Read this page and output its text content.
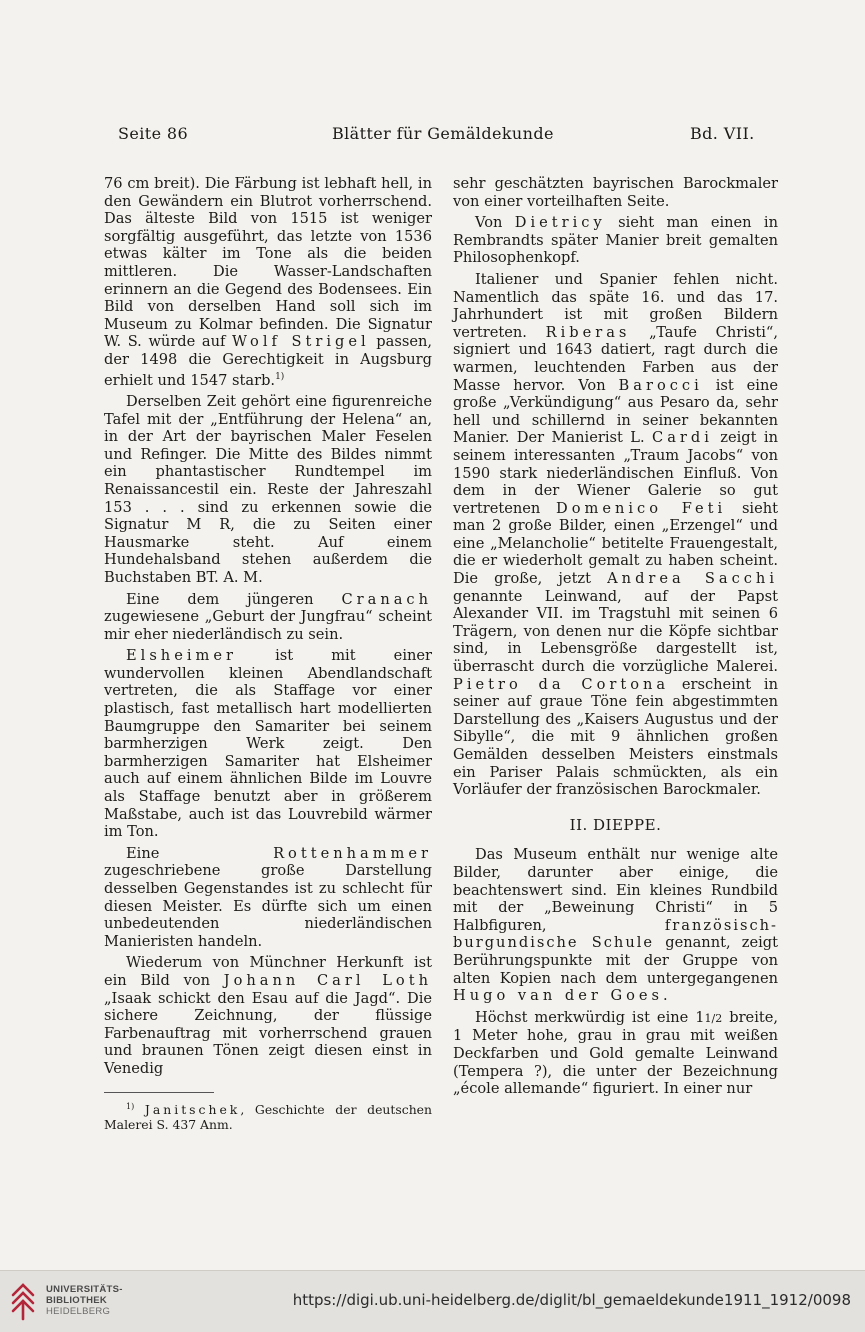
Seite 86	Blätter für Gemäldekunde	Bd. VII.

76 cm breit). Die Färbung ist lebhaft hell, in den Gewändern ein Blutrot vorherrschend. Das älteste Bild von 1515 ist weniger sorgfältig ausgeführt, das letzte von 1536 etwas kälter im Tone als die beiden mittleren. Die Wasser-Landschaften erinnern an die Gegend des Bodensees. Ein Bild von derselben Hand soll sich im Museum zu Kolmar befinden. Die Signatur W. S. würde auf Wolf Strigel passen, der 1498 die Gerechtigkeit in Augsburg erhielt und 1547 starb.$^{1)}$

Derselben Zeit gehört eine figurenreiche Tafel mit der „Entführung der Helena“ an, in der Art der bayrischen Maler Feselen und Refinger. Die Mitte des Bildes nimmt ein phantastischer Rundtempel im Renaissancestil ein. Reste der Jahreszahl 153 . . . sind zu erkennen sowie die Signatur M R, die zu Seiten einer Hausmarke steht. Auf einem Hundehalsband stehen außerdem die Buchstaben BT. A. M.

Eine dem jüngeren Cranach zugewiesene „Geburt der Jungfrau“ scheint mir eher niederländisch zu sein.

Elsheimer ist mit einer wundervollen kleinen Abendlandschaft vertreten, die als Staffage vor einer plastisch, fast metallisch hart modellierten Baumgruppe den Samariter bei seinem barmherzigen Werk zeigt. Den barmherzigen Samariter hat Elsheimer auch auf einem ähnlichen Bilde im Louvre als Staffage benutzt aber in größerem Maßstabe, auch ist das Louvrebild wärmer im Ton.

Eine Rottenhammer zugeschriebene große Darstellung desselben Gegenstandes ist zu schlecht für diesen Meister. Es dürfte sich um einen unbedeutenden niederländischen Manieristen handeln.

Wiederum von Münchner Herkunft ist ein Bild von Johann Carl Loth „Isaak schickt den Esau auf die Jagd“. Die sichere Zeichnung, der flüssige Farbenauftrag mit vorherrschend grauen und braunen Tönen zeigt diesen einst in Venedig

$^{1)}$ Janitschek, Geschichte der deutschen Malerei S. 437 Anm.

sehr geschätzten bayrischen Barockmaler von einer vorteilhaften Seite.

Von Dietricy sieht man einen in Rembrandts später Manier breit gemalten Philosophenkopf.

Italiener und Spanier fehlen nicht. Namentlich das späte 16. und das 17. Jahrhundert ist mit großen Bildern vertreten. Riberas „Taufe Christi“, signiert und 1643 datiert, ragt durch die warmen, leuchtenden Farben aus der Masse hervor. Von Barocci ist eine große „Verkündigung“ aus Pesaro da, sehr hell und schillernd in seiner bekannten Manier. Der Manierist L. Cardi zeigt in seinem interessanten „Traum Jacobs“ von 1590 stark niederländischen Einfluß. Von dem in der Wiener Galerie so gut vertretenen Domenico Feti sieht man 2 große Bilder, einen „Erzengel“ und eine „Melancholie“ betitelte Frauengestalt, die er wiederholt gemalt zu haben scheint. Die große, jetzt Andrea Sacchi genannte Leinwand, auf der Papst Alexander VII. im Tragstuhl mit seinen 6 Trägern, von denen nur die Köpfe sichtbar sind, in Lebensgröße dargestellt ist, überrascht durch die vorzügliche Malerei. Pietro da Cortona erscheint in seiner auf graue Töne fein abgestimmten Darstellung des „Kaisers Augustus und der Sibylle“, die mit 9 ähnlichen großen Gemälden desselben Meisters einstmals ein Pariser Palais schmückten, als ein Vorläufer der französischen Barockmaler.

II. DIEPPE.

Das Museum enthält nur wenige alte Bilder, darunter aber einige, die beachtenswert sind. Ein kleines Rundbild mit der „Beweinung Christi“ in 5 Halbfiguren, französisch-burgundische Schule genannt, zeigt Berührungspunkte mit der Gruppe von alten Kopien nach dem untergegangenen Hugo van der Goes.

Höchst merkwürdig ist eine 11/2 breite, 1 Meter hohe, grau in grau mit weißen Deckfarben und Gold gemalte Leinwand (Tempera ?), die unter der Bezeichnung „école allemande“ figuriert. In einer nur

UNIVERSITÄTS-
BIBLIOTHEK
HEIDELBERG
https://digi.ub.uni-heidelberg.de/diglit/bl_gemaeldekunde1911_1912/0098
